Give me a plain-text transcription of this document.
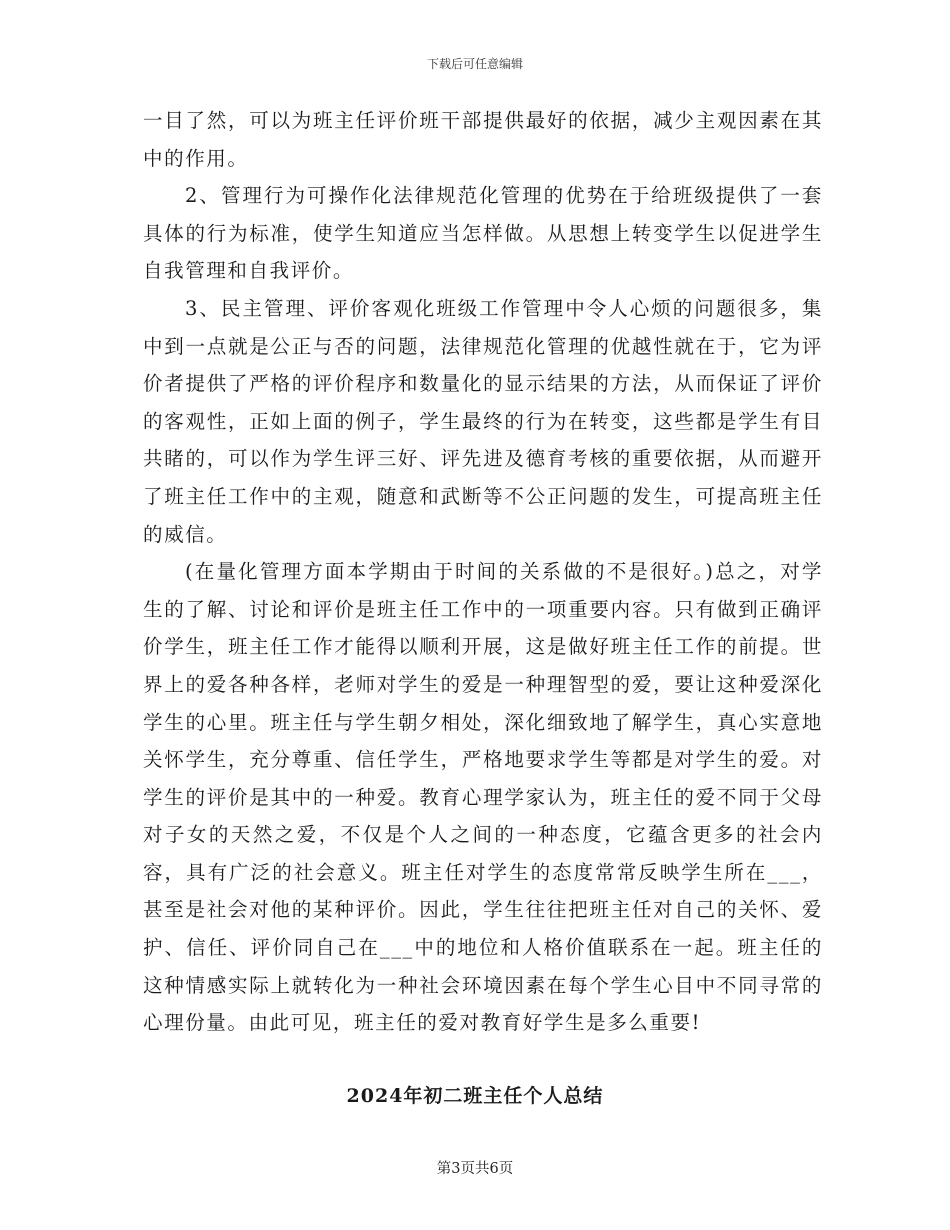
下载后可任意编辑

一目了然，可以为班主任评价班干部提供最好的依据，减少主观因素在其中的作用。

2、管理行为可操作化法律规范化管理的优势在于给班级提供了一套具体的行为标准，使学生知道应当怎样做。从思想上转变学生以促进学生自我管理和自我评价。

3、民主管理、评价客观化班级工作管理中令人心烦的问题很多，集中到一点就是公正与否的问题，法律规范化管理的优越性就在于，它为评价者提供了严格的评价程序和数量化的显示结果的方法，从而保证了评价的客观性，正如上面的例子，学生最终的行为在转变，这些都是学生有目共睹的，可以作为学生评三好、评先进及德育考核的重要依据，从而避开了班主任工作中的主观，随意和武断等不公正问题的发生，可提高班主任的威信。

(在量化管理方面本学期由于时间的关系做的不是很好。)总之，对学生的了解、讨论和评价是班主任工作中的一项重要内容。只有做到正确评价学生，班主任工作才能得以顺利开展，这是做好班主任工作的前提。世界上的爱各种各样，老师对学生的爱是一种理智型的爱，要让这种爱深化学生的心里。班主任与学生朝夕相处，深化细致地了解学生，真心实意地关怀学生，充分尊重、信任学生，严格地要求学生等都是对学生的爱。对学生的评价是其中的一种爱。教育心理学家认为，班主任的爱不同于父母对子女的天然之爱，不仅是个人之间的一种态度，它蕴含更多的社会内容，具有广泛的社会意义。班主任对学生的态度常常反映学生所在___，甚至是社会对他的某种评价。因此，学生往往把班主任对自己的关怀、爱护、信任、评价同自己在___中的地位和人格价值联系在一起。班主任的这种情感实际上就转化为一种社会环境因素在每个学生心目中不同寻常的心理份量。由此可见，班主任的爱对教育好学生是多么重要!

2024年初二班主任个人总结
第3页共6页
